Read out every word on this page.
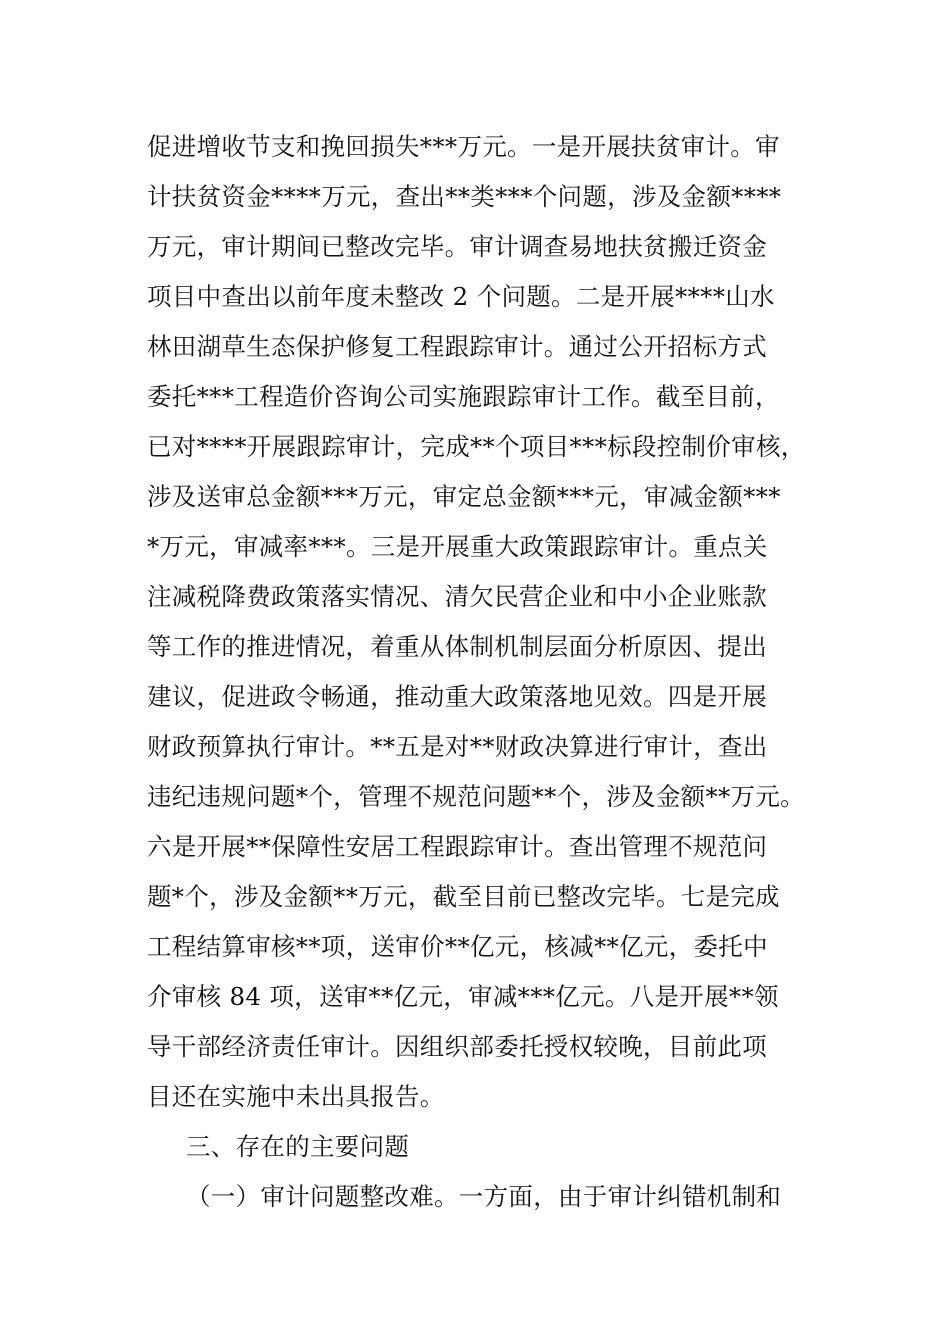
促进增收节支和挽回损失***万元。一是开展扶贫审计。审
计扶贫资金****万元，查出**类***个问题，涉及金额****
万元，审计期间已整改完毕。审计调查易地扶贫搬迁资金
项目中查出以前年度未整改 2 个问题。二是开展****山水
林田湖草生态保护修复工程跟踪审计。通过公开招标方式
委托***工程造价咨询公司实施跟踪审计工作。截至目前，
已对****开展跟踪审计，完成**个项目***标段控制价审核，
涉及送审总金额***万元，审定总金额***元，审减金额***
*万元，审减率***。三是开展重大政策跟踪审计。重点关
注减税降费政策落实情况、清欠民营企业和中小企业账款
等工作的推进情况，着重从体制机制层面分析原因、提出
建议，促进政令畅通，推动重大政策落地见效。四是开展
财政预算执行审计。**五是对**财政决算进行审计，查出
违纪违规问题*个，管理不规范问题**个，涉及金额**万元。
六是开展**保障性安居工程跟踪审计。查出管理不规范问
题*个，涉及金额**万元，截至目前已整改完毕。七是完成
工程结算审核**项，送审价**亿元，核减**亿元，委托中
介审核 84 项，送审**亿元，审减***亿元。八是开展**领
导干部经济责任审计。因组织部委托授权较晚，目前此项
目还在实施中未出具报告。
三、存在的主要问题
（一）审计问题整改难。一方面，由于审计纠错机制和
